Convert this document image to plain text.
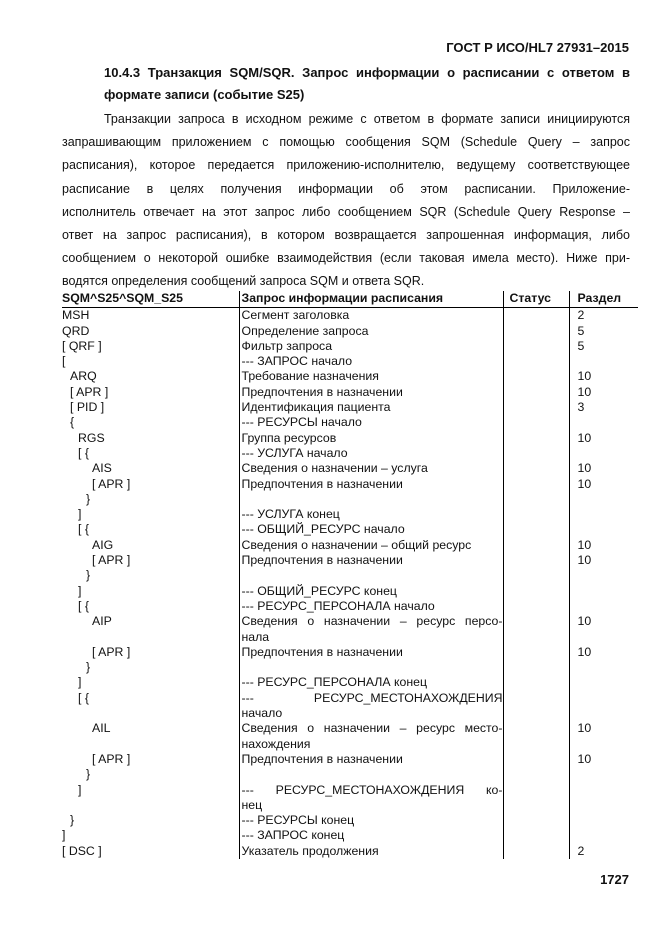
ГОСТ Р ИСО/HL7 27931–2015
10.4.3 Транзакция SQM/SQR. Запрос информации о расписании с ответом в
формате записи (событие S25)
Транзакции запроса в исходном режиме с ответом в формате записи инициируются
запрашивающим приложением с помощью сообщения SQM (Schedule Query – запрос
расписания), которое передается приложению-исполнителю, ведущему соответствующее
расписание в целях получения информации об этом расписании. Приложение-
исполнитель отвечает на этот запрос либо сообщением SQR (Schedule Query Response –
ответ на запрос расписания), в котором возвращается запрошенная информация, либо
сообщением о некоторой ошибке взаимодействия (если таковая имела место). Ниже при-
водятся определения сообщений запроса SQM и ответа SQR.
SQM^S25^SQM_S25	Запрос информации расписания	Статус	Раздел
MSH	Сегмент заголовка		2
QRD	Определение запроса		5
[ QRF ]	Фильтр запроса		5
[	--- ЗАПРОС начало		

ARQ	Требование назначения		10
[ APR ]	Предпочтения в назначении		10
[ PID ]	Идентификация пациента		3
{	--- РЕСУРСЫ начало		

RGS	Группа ресурсов		10
[ {	--- УСЛУГА начало		

AIS	Сведения о назначении – услуга		10
[ APR ]	Предпочтения в назначении		10
}	

]	--- УСЛУГА конец		

[ {	--- ОБЩИЙ_РЕСУРС начало		

AIG	Сведения о назначении – общий ресурс		10
[ APR ]	Предпочтения в назначении		10
}	

]	--- ОБЩИЙ_РЕСУРС конец		

[ {	--- РЕСУРС_ПЕРСОНАЛА начало		

AIP	Сведения о назначении – ресурс персо-
нала		10
[ APR ]	Предпочтения в назначении		10
}	

]	--- РЕСУРС_ПЕРСОНАЛА конец		

[ {	--- РЕСУРС_МЕСТОНАХОЖДЕНИЯ
начало		

AIL	Сведения о назначении – ресурс место-
нахождения		10
[ APR ]	Предпочтения в назначении		10
}	

]	--- РЕСУРС_МЕСТОНАХОЖДЕНИЯ ко-
нец		

}	--- РЕСУРСЫ конец		

]	--- ЗАПРОС конец		

[ DSC ]	Указатель продолжения		2
1727
